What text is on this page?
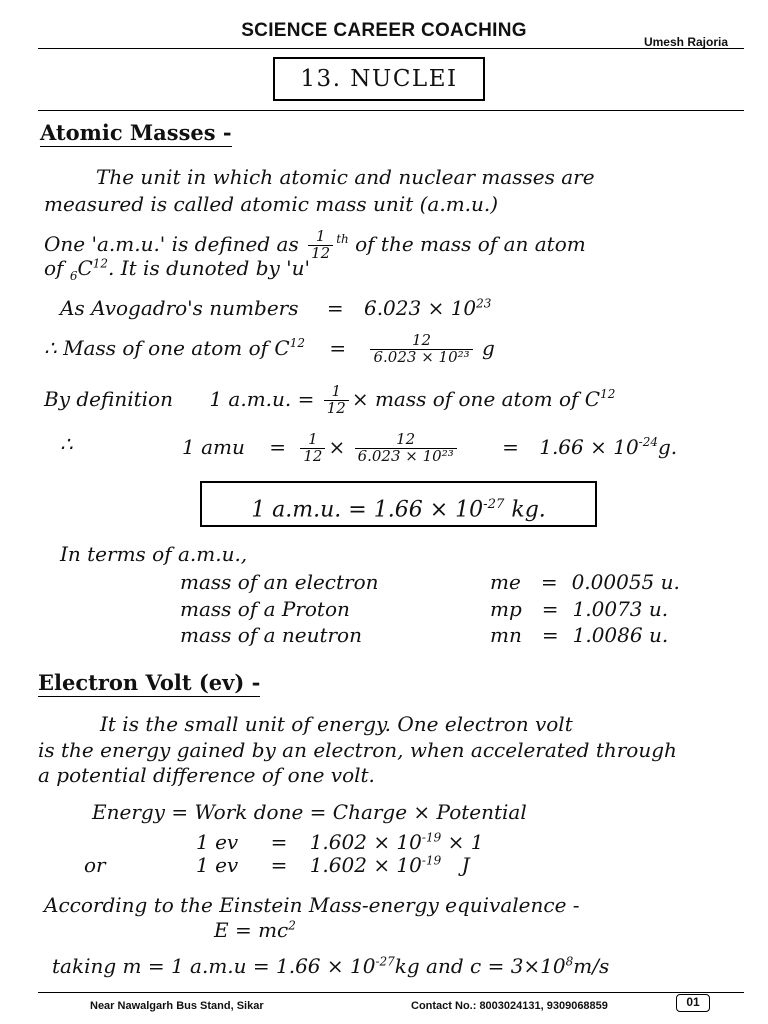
SCIENCE CAREER COACHING
Umesh Rajoria
13. NUCLEI
Atomic Masses -
The unit in which atomic and nuclear masses are
measured is called atomic mass unit (a.m.u.)
One 'a.m.u.' is defined as $\frac{1}{12} ^{th}$ of the mass of an atom
of $_6C^{12}$. It is dunoted by 'u'
As Avogadro's numbers = $6.023 \times 10^{23}$
∴ Mass of one atom of $C^{12} = \frac{12}{\text{6.023 × 10²³}}$ g
By definition 1 a.m.u. = $\frac{1}{12}$ × mass of one atom of $C^{12}$
∴	1 amu = $\frac{1}{12} \times \frac{12}{\text{6.023 × 10²³}} = 1.66 \times 10^{-24}g$.
1 a.m.u. = $1.66 \times 10^{-27}$ kg.
In terms of a.m.u.,
mass of an electron	me = 0.00055 u.
mass of a Proton	mp = 1.0073 u.
mass of a neutron	mn = 1.0086 u.
Electron Volt (ev) -
It is the small unit of energy. One electron volt
is the energy gained by an electron, when accelerated through
a potential difference of one volt.
Energy = Work done = Charge × Potential
1 ev = $1.602 \times 10^{-19} \times 1$
or	1 ev = $1.602 \times 10^{-19}$ J
According to the Einstein Mass-energy equivalence -
$E = mc^2$
taking m = 1 $a.m.u = 1.66 \times 10^{-27}kg$ and $c = 3\times 10^8m/s$
Near Nawalgarh Bus Stand, Sikar	Contact No.: 8003024131, 9309068859	01
